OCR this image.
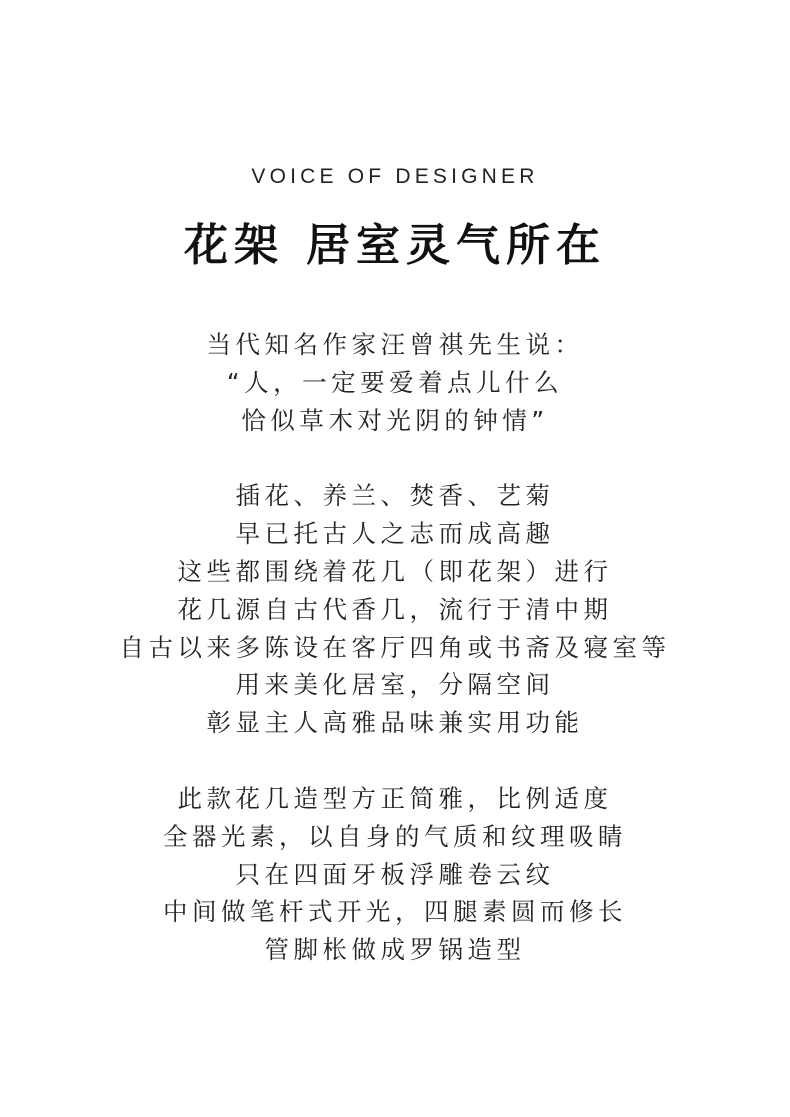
VOICE OF DESIGNER
花架 居室灵气所在
当代知名作家汪曾祺先生说：
“人，一定要爱着点儿什么
恰似草木对光阴的钟情”
插花、养兰、焚香、艺菊
早已托古人之志而成高趣
这些都围绕着花几（即花架）进行
花几源自古代香几，流行于清中期
自古以来多陈设在客厅四角或书斋及寝室等
用来美化居室，分隔空间
彰显主人高雅品味兼实用功能
此款花几造型方正简雅，比例适度
全器光素，以自身的气质和纹理吸睛
只在四面牙板浮雕卷云纹
中间做笔杆式开光，四腿素圆而修长
管脚枨做成罗锅造型
